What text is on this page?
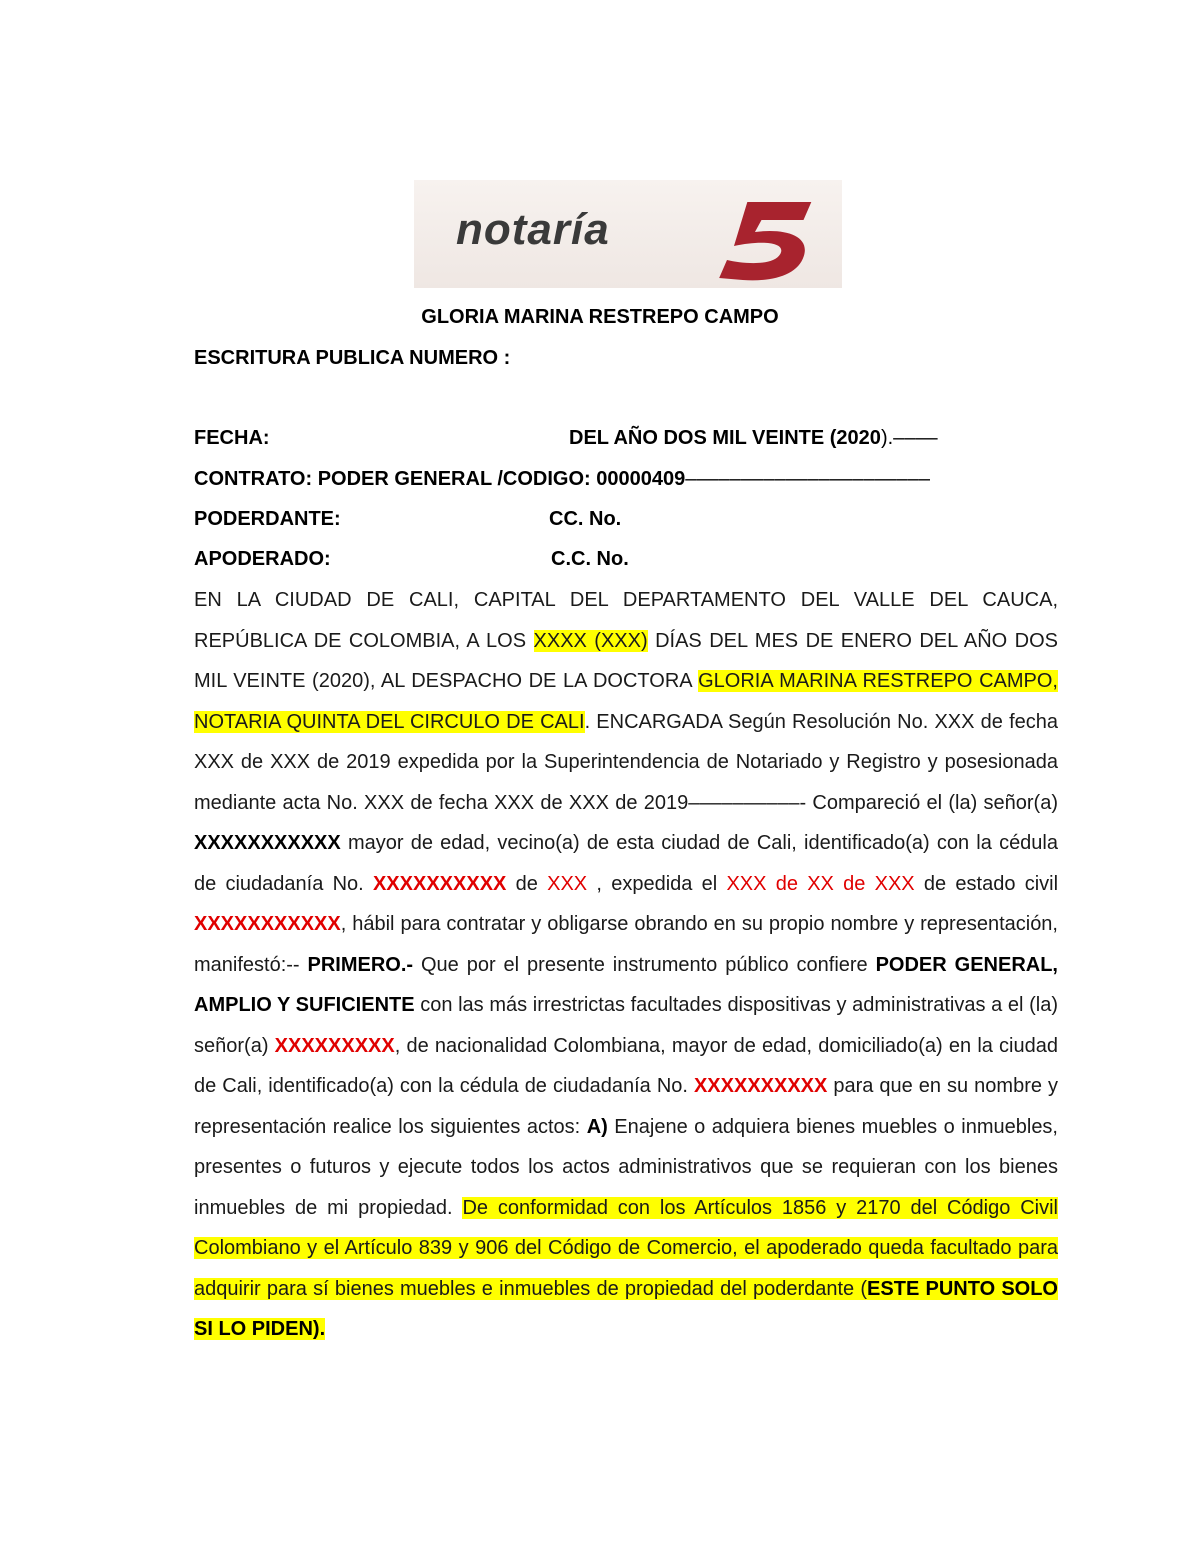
notaría
GLORIA MARINA RESTREPO CAMPO
ESCRITURA PUBLICA NUMERO :
FECHA:	DEL AÑO DOS MIL VEINTE (2020).––––
CONTRATO: PODER GENERAL /CODIGO: 00000409––––––––––––––––––––––
PODERDANTE:	CC. No.
APODERADO:	C.C. No.
EN LA CIUDAD DE CALI, CAPITAL DEL DEPARTAMENTO DEL VALLE DEL CAUCA, REPÚBLICA DE COLOMBIA, A LOS XXXX (XXX) DÍAS DEL MES DE ENERO DEL AÑO DOS MIL VEINTE (2020), AL DESPACHO DE LA DOCTORA GLORIA MARINA RESTREPO CAMPO, NOTARIA QUINTA DEL CIRCULO DE CALI. ENCARGADA Según Resolución No. XXX de fecha XXX de XXX de 2019 expedida por la Superintendencia de Notariado y Registro y posesionada mediante acta No. XXX de fecha XXX de XXX de 2019––––––––––- Compareció el (la) señor(a) XXXXXXXXXXX mayor de edad, vecino(a) de esta ciudad de Cali, identificado(a) con la cédula de ciudadanía No. XXXXXXXXXX de XXX , expedida el XXX de XX de XXX de estado civil XXXXXXXXXXX, hábil para contratar y obligarse obrando en su propio nombre y representación, manifestó:-- PRIMERO.- Que por el presente instrumento público confiere PODER GENERAL, AMPLIO Y SUFICIENTE con las más irrestrictas facultades dispositivas y administrativas a el (la) señor(a) XXXXXXXXX, de nacionalidad Colombiana, mayor de edad, domiciliado(a) en la ciudad de Cali, identificado(a) con la cédula de ciudadanía No. XXXXXXXXXX para que en su nombre y representación realice los siguientes actos: A) Enajene o adquiera bienes muebles o inmuebles, presentes o futuros y ejecute todos los actos administrativos que se requieran con los bienes inmuebles de mi propiedad. De conformidad con los Artículos 1856 y 2170 del Código Civil Colombiano y el Artículo 839 y 906 del Código de Comercio, el apoderado queda facultado para adquirir para sí bienes muebles e inmuebles de propiedad del poderdante (ESTE PUNTO SOLO SI LO PIDEN).
